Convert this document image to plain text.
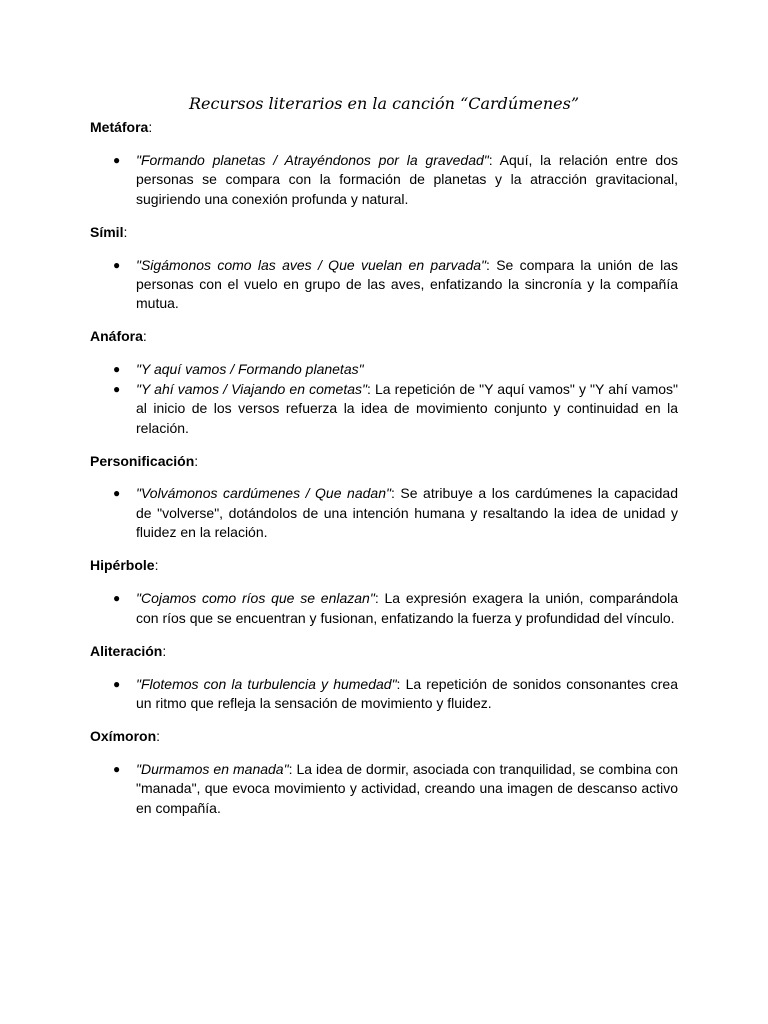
Recursos literarios en la canción “Cardúmenes”

Metáfora:

● "Formando planetas / Atrayéndonos por la gravedad": Aquí, la relación entre dos personas se compara con la formación de planetas y la atracción gravitacional, sugiriendo una conexión profunda y natural.

Símil:

● "Sigámonos como las aves / Que vuelan en parvada": Se compara la unión de las personas con el vuelo en grupo de las aves, enfatizando la sincronía y la compañía mutua.

Anáfora:

● "Y aquí vamos / Formando planetas"
● "Y ahí vamos / Viajando en cometas": La repetición de "Y aquí vamos" y "Y ahí vamos" al inicio de los versos refuerza la idea de movimiento conjunto y continuidad en la relación.

Personificación:

● "Volvámonos cardúmenes / Que nadan": Se atribuye a los cardúmenes la capacidad de "volverse", dotándolos de una intención humana y resaltando la idea de unidad y fluidez en la relación.

Hipérbole:

● "Cojamos como ríos que se enlazan": La expresión exagera la unión, comparándola con ríos que se encuentran y fusionan, enfatizando la fuerza y profundidad del vínculo.

Aliteración:

● "Flotemos con la turbulencia y humedad": La repetición de sonidos consonantes crea un ritmo que refleja la sensación de movimiento y fluidez.

Oxímoron:

● "Durmamos en manada": La idea de dormir, asociada con tranquilidad, se combina con "manada", que evoca movimiento y actividad, creando una imagen de descanso activo en compañía.
